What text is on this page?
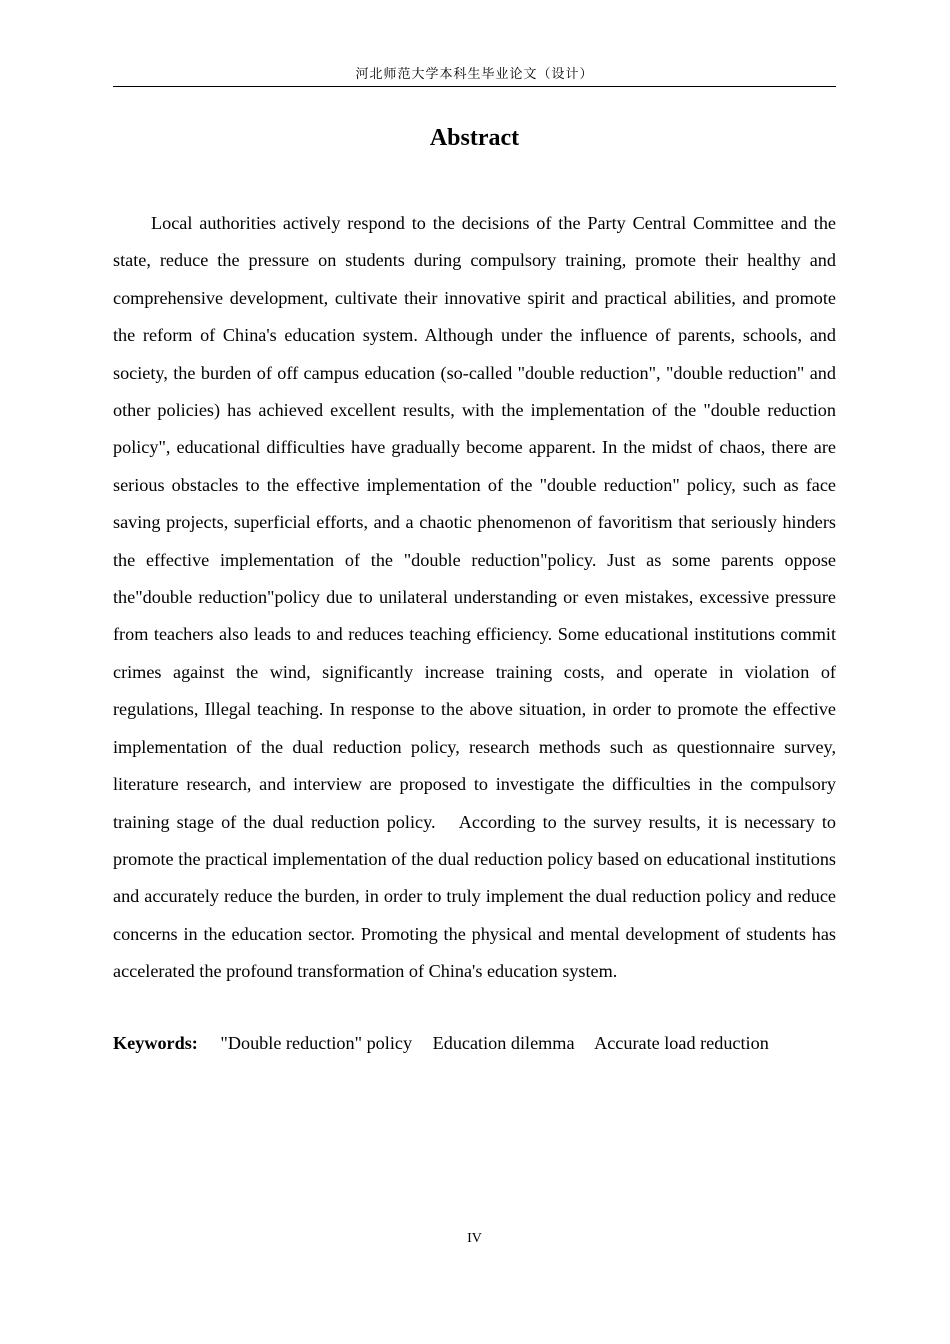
河北师范大学本科生毕业论文（设计）
Abstract

Local authorities actively respond to the decisions of the Party Central Committee and the state, reduce the pressure on students during compulsory training, promote their healthy and comprehensive development, cultivate their innovative spirit and practical abilities, and promote the reform of China's education system. Although under the influence of parents, schools, and society, the burden of off campus education (so-called "double reduction", "double reduction" and other policies) has achieved excellent results, with the implementation of the "double reduction policy", educational difficulties have gradually become apparent. In the midst of chaos, there are serious obstacles to the effective implementation of the "double reduction" policy, such as face saving projects, superficial efforts, and a chaotic phenomenon of favoritism that seriously hinders the effective implementation of the "double reduction"policy. Just as some parents oppose the"double reduction"policy due to unilateral understanding or even mistakes, excessive pressure from teachers also leads to and reduces teaching efficiency. Some educational institutions commit crimes against the wind, significantly increase training costs, and operate in violation of regulations, Illegal teaching. In response to the above situation, in order to promote the effective implementation of the dual reduction policy, research methods such as questionnaire survey, literature research, and interview are proposed to investigate the difficulties in the compulsory training stage of the dual reduction policy.　According to the survey results, it is necessary to promote the practical implementation of the dual reduction policy based on educational institutions and accurately reduce the burden, in order to truly implement the dual reduction policy and reduce concerns in the education sector. Promoting the physical and mental development of students has accelerated the profound transformation of China's education system.

Keywords: "Double reduction" policy Education dilemma Accurate load reduction
IV
